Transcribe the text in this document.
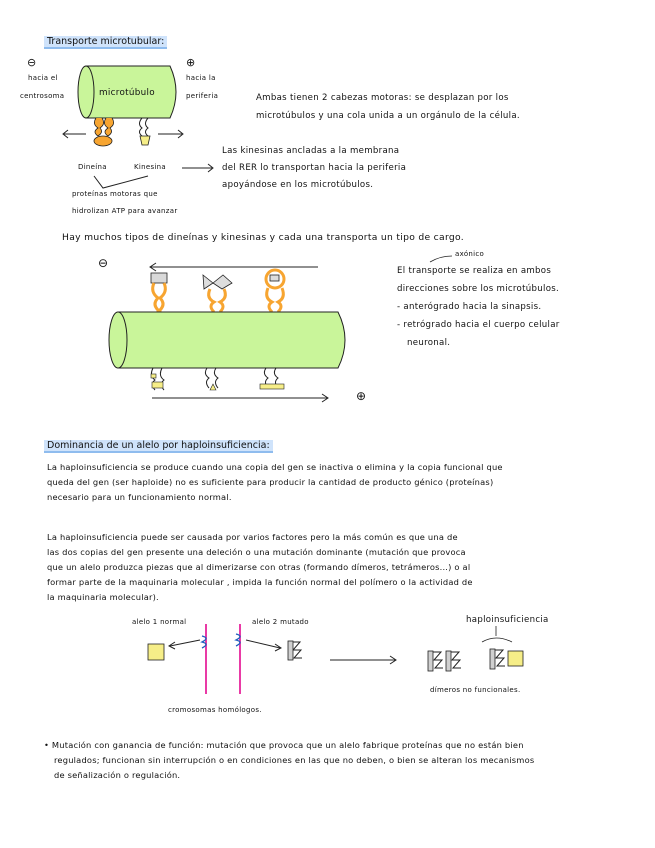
Transporte microtubular:
⊖
hacia el
centrosoma
⊕
hacia la
periferia
microtúbulo	Ambas tienen 2 cabezas motoras: se desplazan por los
microtúbulos y una cola unida a un orgánulo de la célula.
Dineína	Kinesina
proteínas motoras que
hidrolizan ATP para avanzar
Las kinesinas ancladas a la membrana
del RER lo transportan hacia la periferia
apoyándose en los microtúbulos.
Hay muchos tipos de dineínas y kinesinas y cada una transporta un tipo de cargo.
⊖
⊕
axónico
El transporte se realiza en ambos
direcciones sobre los microtúbulos.
- anterógrado hacia la sinapsis.
- retrógrado hacia el cuerpo celular
neuronal.
Dominancia de un alelo por haploinsuficiencia:

La haploinsuficiencia se produce cuando una copia del gen se inactiva o elimina y la copia funcional que

queda del gen (ser haploide) no es suficiente para producir la cantidad de producto génico (proteínas)

necesario para un funcionamiento normal.

La haploinsuficiencia puede ser causada por varios factores pero la más común es que una de

las dos copias del gen presente una deleción o una mutación dominante (mutación que provoca

que un alelo produzca piezas que al dimerizarse con otras (formando dímeros, tetrámeros...) o al

formar parte de la maquinaria molecular , impida la función normal del polímero o la actividad de

la maquinaria molecular).

alelo 1 normal	alelo 2 mutado	haploinsuficiencia
cromosomas homólogos.
dímeros no funcionales.

• Mutación con ganancia de función: mutación que provoca que un alelo fabrique proteínas que no están bien

regulados; funcionan sin interrupción o en condiciones en las que no deben, o bien se alteran los mecanismos

de señalización o regulación.
